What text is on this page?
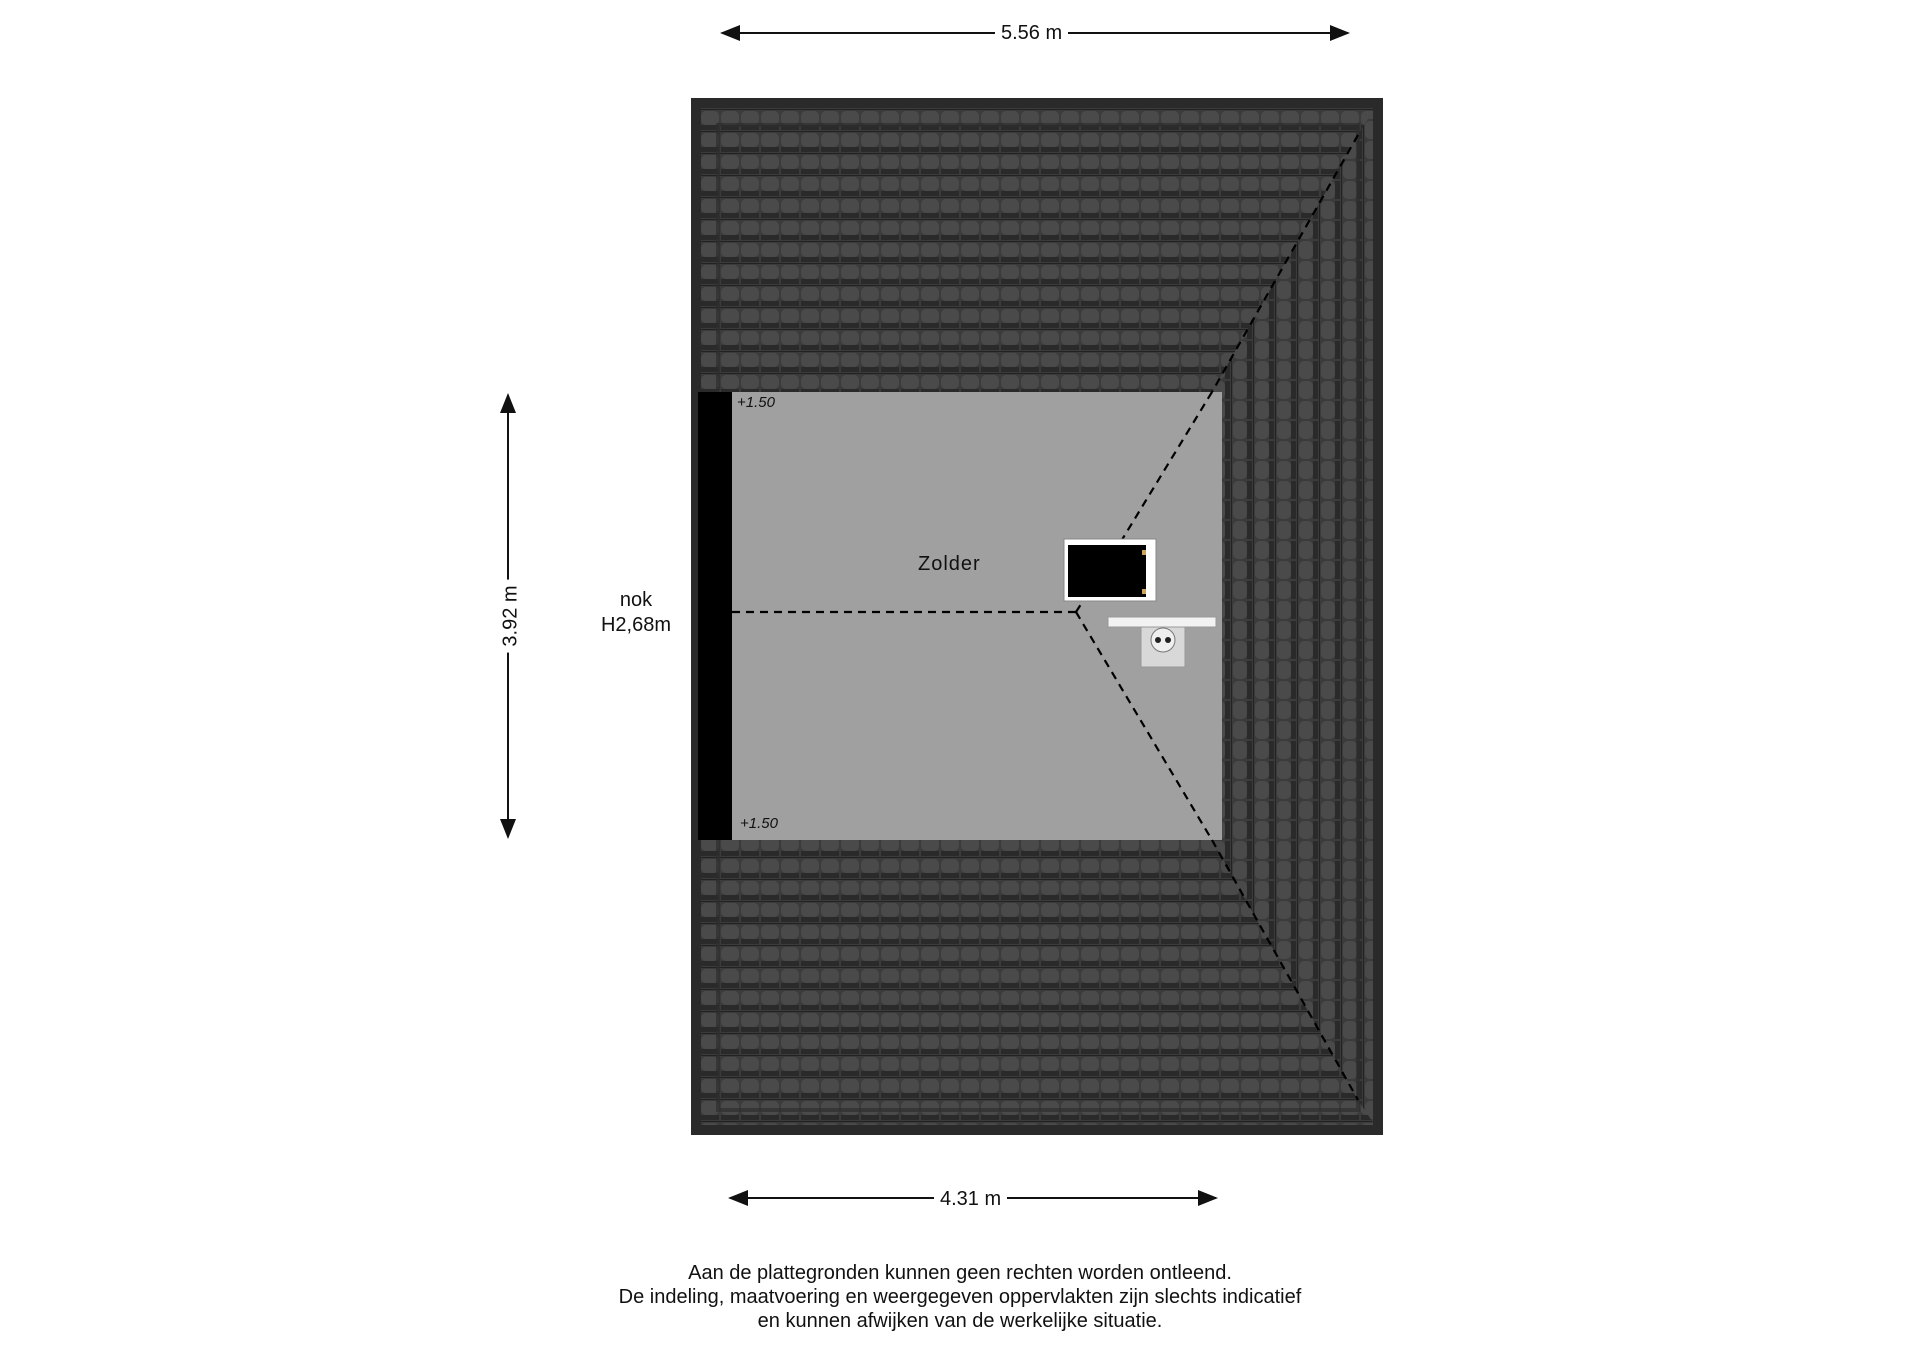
5.56 m
4.31 m
3.92 m
Zolder
+1.50
+1.50
nok
H2,68m
Aan de plattegronden kunnen geen rechten worden ontleend.
De indeling, maatvoering en weergegeven oppervlakten zijn slechts indicatief
en kunnen afwijken van de werkelijke situatie.
